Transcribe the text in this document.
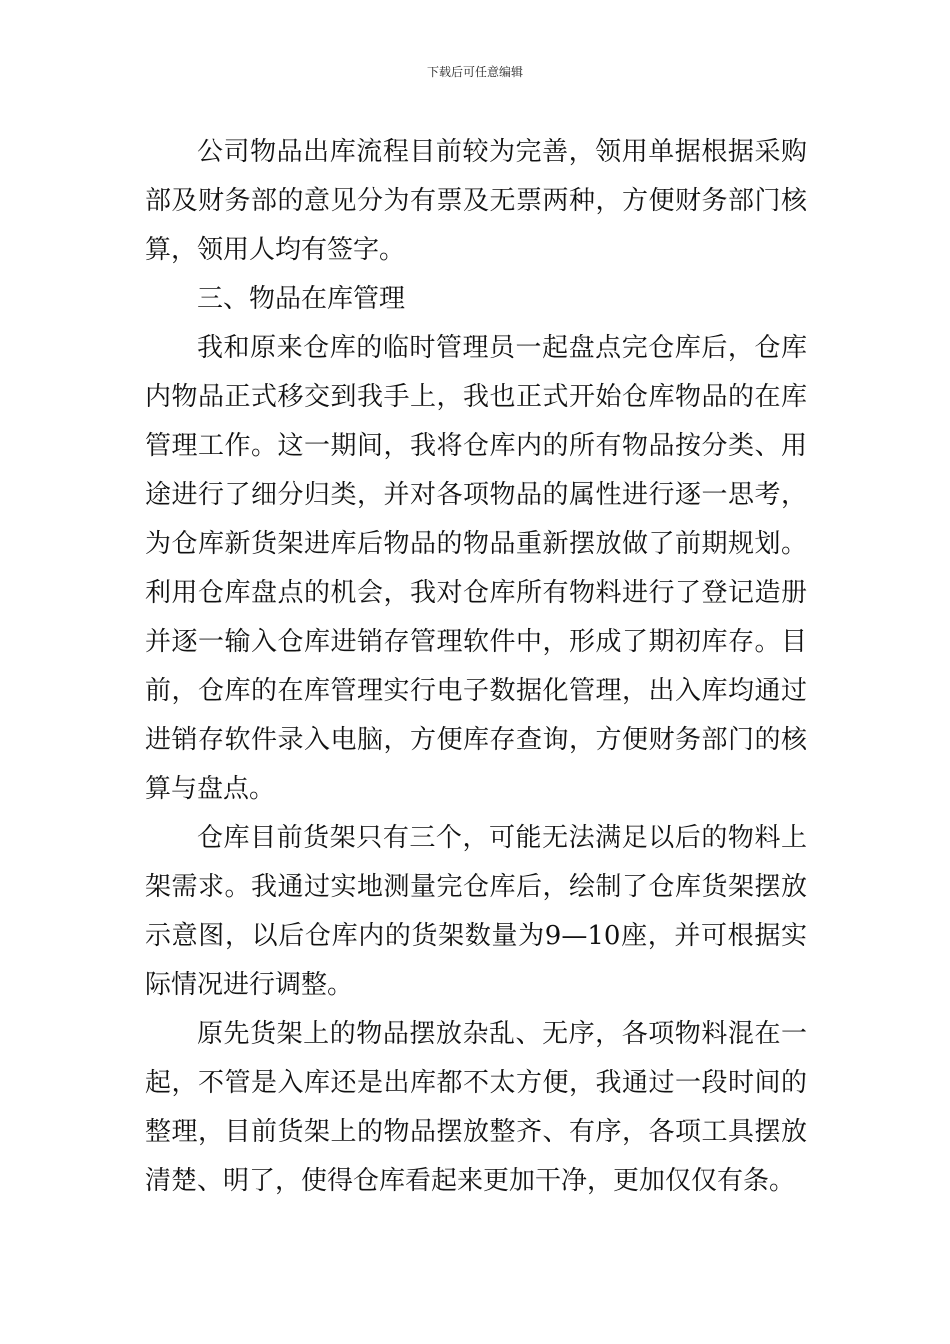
下载后可任意编辑

公司物品出库流程目前较为完善，领用单据根据采购部及财务部的意见分为有票及无票两种，方便财务部门核算，领用人均有签字。

三、物品在库管理

我和原来仓库的临时管理员一起盘点完仓库后，仓库内物品正式移交到我手上，我也正式开始仓库物品的在库管理工作。这一期间，我将仓库内的所有物品按分类、用途进行了细分归类，并对各项物品的属性进行逐一思考，为仓库新货架进库后物品的物品重新摆放做了前期规划。利用仓库盘点的机会，我对仓库所有物料进行了登记造册并逐一输入仓库进销存管理软件中，形成了期初库存。目前，仓库的在库管理实行电子数据化管理，出入库均通过进销存软件录入电脑，方便库存查询，方便财务部门的核算与盘点。

仓库目前货架只有三个，可能无法满足以后的物料上架需求。我通过实地测量完仓库后，绘制了仓库货架摆放示意图，以后仓库内的货架数量为9—10座，并可根据实际情况进行调整。

原先货架上的物品摆放杂乱、无序，各项物料混在一起，不管是入库还是出库都不太方便，我通过一段时间的整理，目前货架上的物品摆放整齐、有序，各项工具摆放清楚、明了，使得仓库看起来更加干净，更加仅仅有条。
